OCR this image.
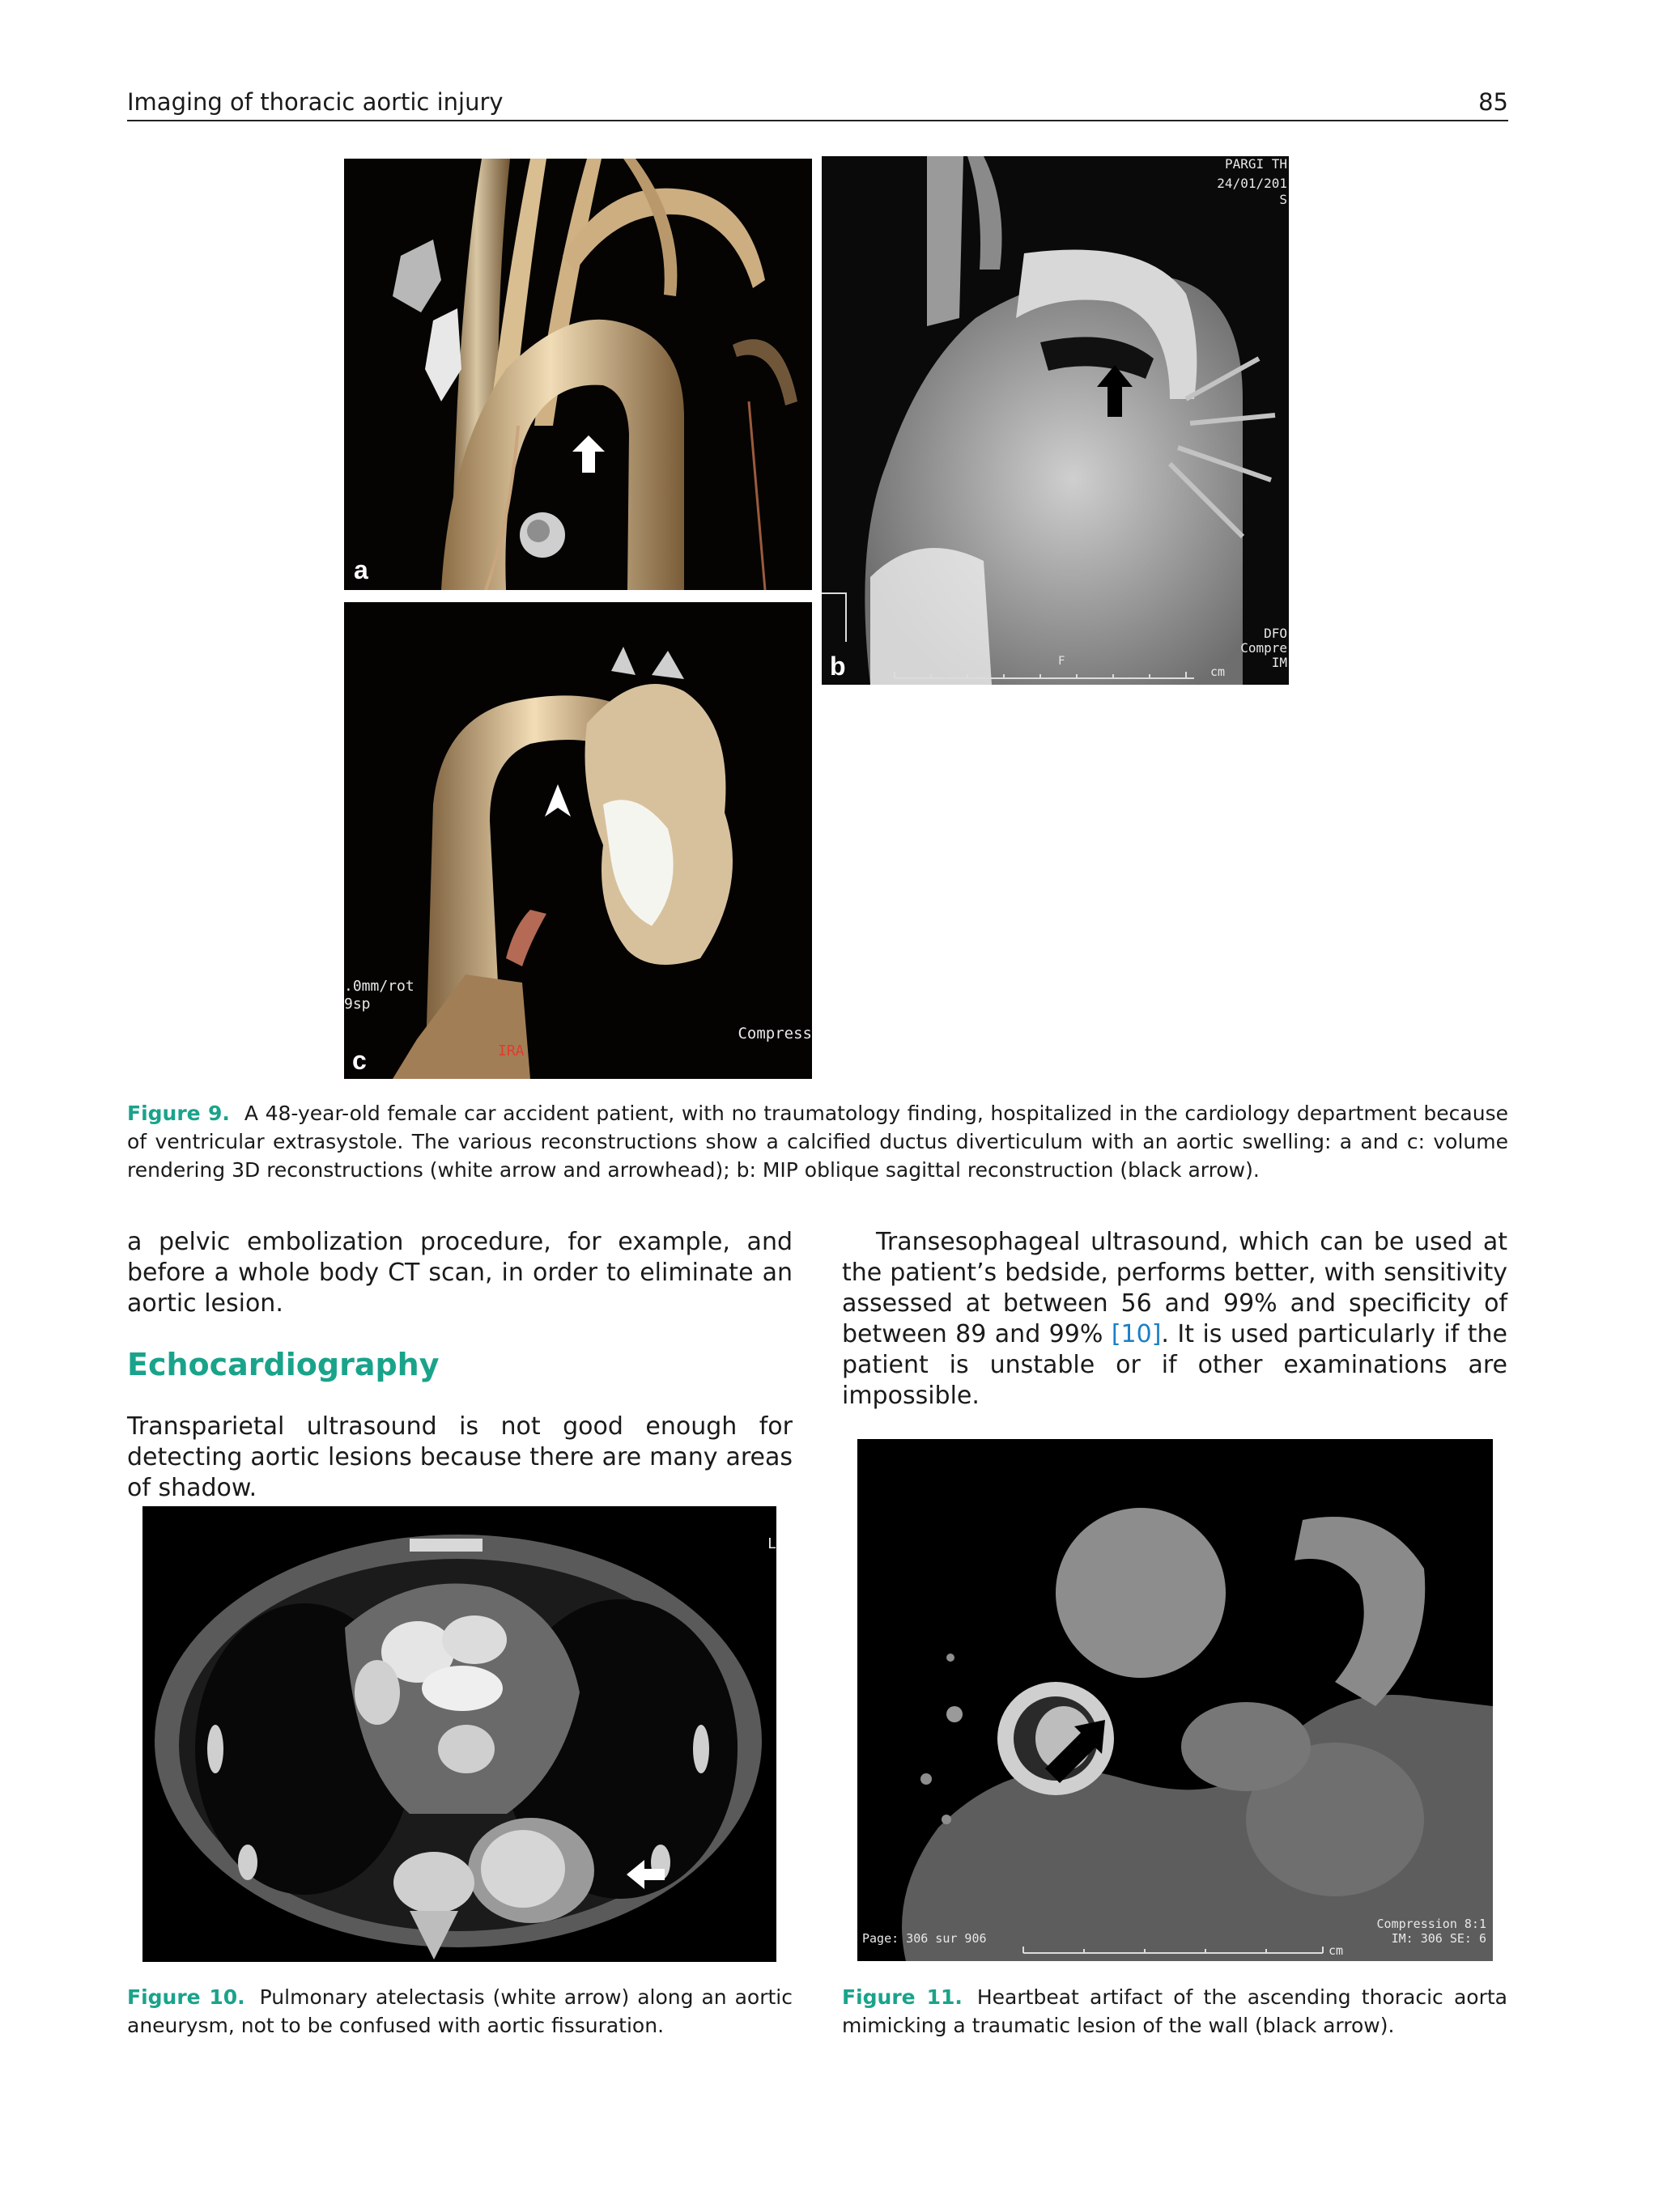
Imaging of thoracic aortic injury	85
a
PARGI TH
24/01/201
S
DFO
Compre
IM
F
cm
b
.0mm/rot
9sp
Compress
IRA
c
Figure 9. A 48-year-old female car accident patient, with no traumatology finding, hospitalized in the cardiology department because of ventricular extrasystole. The various reconstructions show a calcified ductus diverticulum with an aortic swelling: a and c: volume rendering 3D reconstructions (white arrow and arrowhead); b: MIP oblique sagittal reconstruction (black arrow).
a pelvic embolization procedure, for example, and before a whole body CT scan, in order to eliminate an aortic lesion.
Echocardiography
Transparietal ultrasound is not good enough for detecting aortic lesions because there are many areas of shadow.
Transesophageal ultrasound, which can be used at the patient’s bedside, performs better, with sensitivity assessed at between 56 and 99% and specificity of between 89 and 99% [10]. It is used particularly if the patient is unstable or if other examinations are impossible.
L
Figure 10. Pulmonary atelectasis (white arrow) along an aortic aneurysm, not to be confused with aortic fissuration.
Page: 306 sur 906
Compression 8:1
IM: 306 SE: 6
cm
Figure 11. Heartbeat artifact of the ascending thoracic aorta mimicking a traumatic lesion of the wall (black arrow).
